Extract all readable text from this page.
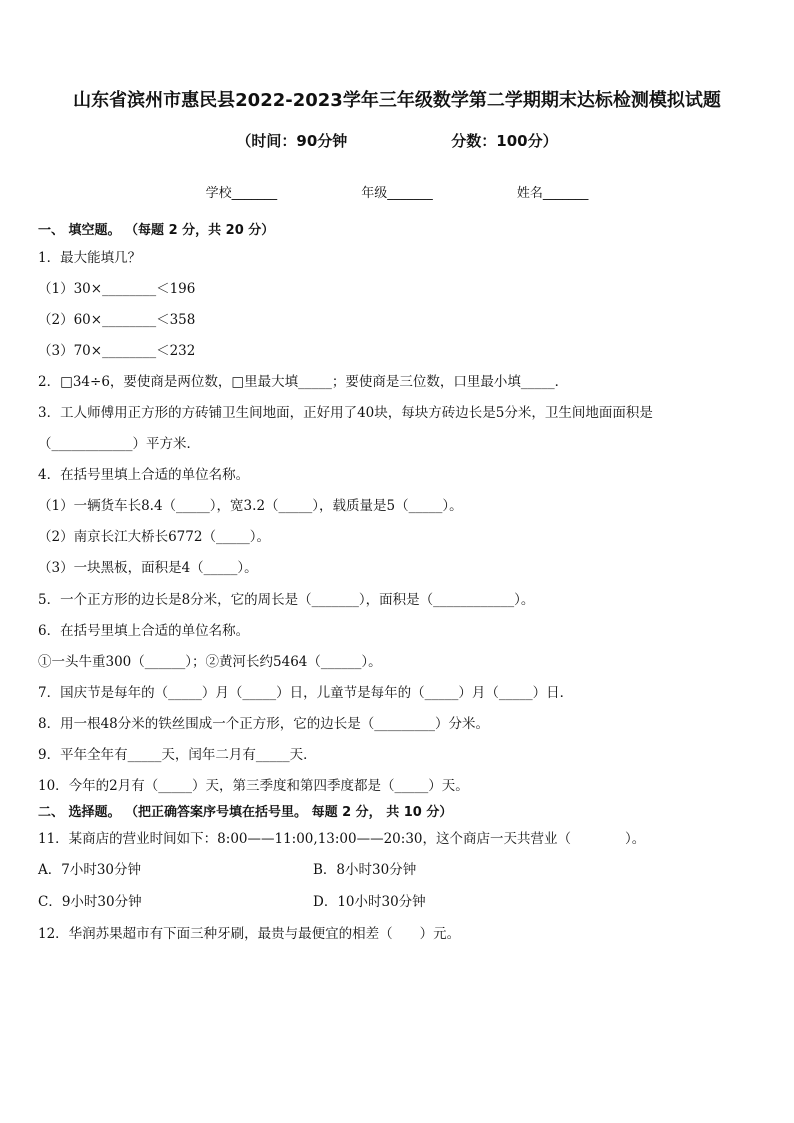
山东省滨州市惠民县2022-2023学年三年级数学第二学期期末达标检测模拟试题
（时间：90分钟	分数：100分）
学校_______	年级_______	姓名_______
一、 填空题。 （每题 2 分，共 20 分）
1．最大能填几？
（1）30×________＜196
（2）60×________＜358
（3）70×________＜232
2．□34÷6，要使商是两位数，□里最大填_____；要使商是三位数，口里最小填_____．
3．工人师傅用正方形的方砖铺卫生间地面，正好用了40块，每块方砖边长是5分米，卫生间地面面积是
（____________）平方米．
4．在括号里填上合适的单位名称。
（1）一辆货车长8.4（_____），宽3.2（_____），载质量是5（_____）。
（2）南京长江大桥长6772（_____）。
（3）一块黑板，面积是4（_____）。
5．一个正方形的边长是8分米，它的周长是（_______），面积是（____________）。
6．在括号里填上合适的单位名称。
①一头牛重300（______）；②黄河长约5464（______）。
7．国庆节是每年的（_____）月（_____）日，儿童节是每年的（_____）月（_____）日．
8．用一根48分米的铁丝围成一个正方形，它的边长是（_________）分米。
9．平年全年有_____天，闰年二月有_____天．
10．今年的2月有（_____）天，第三季度和第四季度都是（_____）天。
二、 选择题。 （把正确答案序号填在括号里。 每题 2 分， 共 10 分）
11．某商店的营业时间如下：8:00——11:00,13:00——20:30，这个商店一天共营业（　　　　）。
A．7小时30分钟	B．8小时30分钟
C．9小时30分钟	D．10小时30分钟
12．华润苏果超市有下面三种牙刷，最贵与最便宜的相差（　　）元。
